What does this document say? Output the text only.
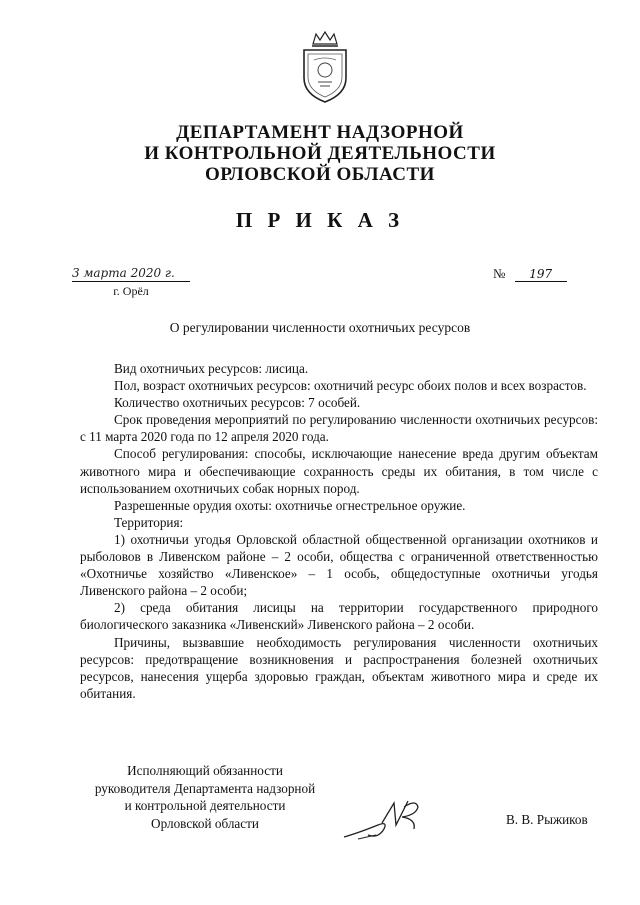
ДЕПАРТАМЕНТ НАДЗОРНОЙ
И КОНТРОЛЬНОЙ ДЕЯТЕЛЬНОСТИ
ОРЛОВСКОЙ ОБЛАСТИ
П Р И К А З
3 марта 2020 г.
г. Орёл
№ 197
О регулировании численности охотничьих ресурсов

Вид охотничьих ресурсов: лисица.

Пол, возраст охотничьих ресурсов: охотничий ресурс обоих полов и всех возрастов.

Количество охотничьих ресурсов: 7 особей.

Срок проведения мероприятий по регулированию численности охотничьих ресурсов: с 11 марта 2020 года по 12 апреля 2020 года.

Способ регулирования: способы, исключающие нанесение вреда другим объектам животного мира и обеспечивающие сохранность среды их обитания, в том числе с использованием охотничьих собак норных пород.

Разрешенные орудия охоты: охотничье огнестрельное оружие.

Территория:

1) охотничьи угодья Орловской областной общественной организации охотников и рыболовов в Ливенском районе – 2 особи, общества с ограниченной ответственностью «Охотничье хозяйство «Ливенское» – 1 особь, общедоступные охотничьи угодья Ливенского района – 2 особи;

2) среда обитания лисицы на территории государственного природного биологического заказника «Ливенский» Ливенского района – 2 особи.

Причины, вызвавшие необходимость регулирования численности охотничьих ресурсов: предотвращение возникновения и распространения болезней охотничьих ресурсов, нанесения ущерба здоровью граждан, объектам животного мира и среде их обитания.

Исполняющий обязанности
руководителя Департамента надзорной
и контрольной деятельности
Орловской области	В. В. Рыжиков
